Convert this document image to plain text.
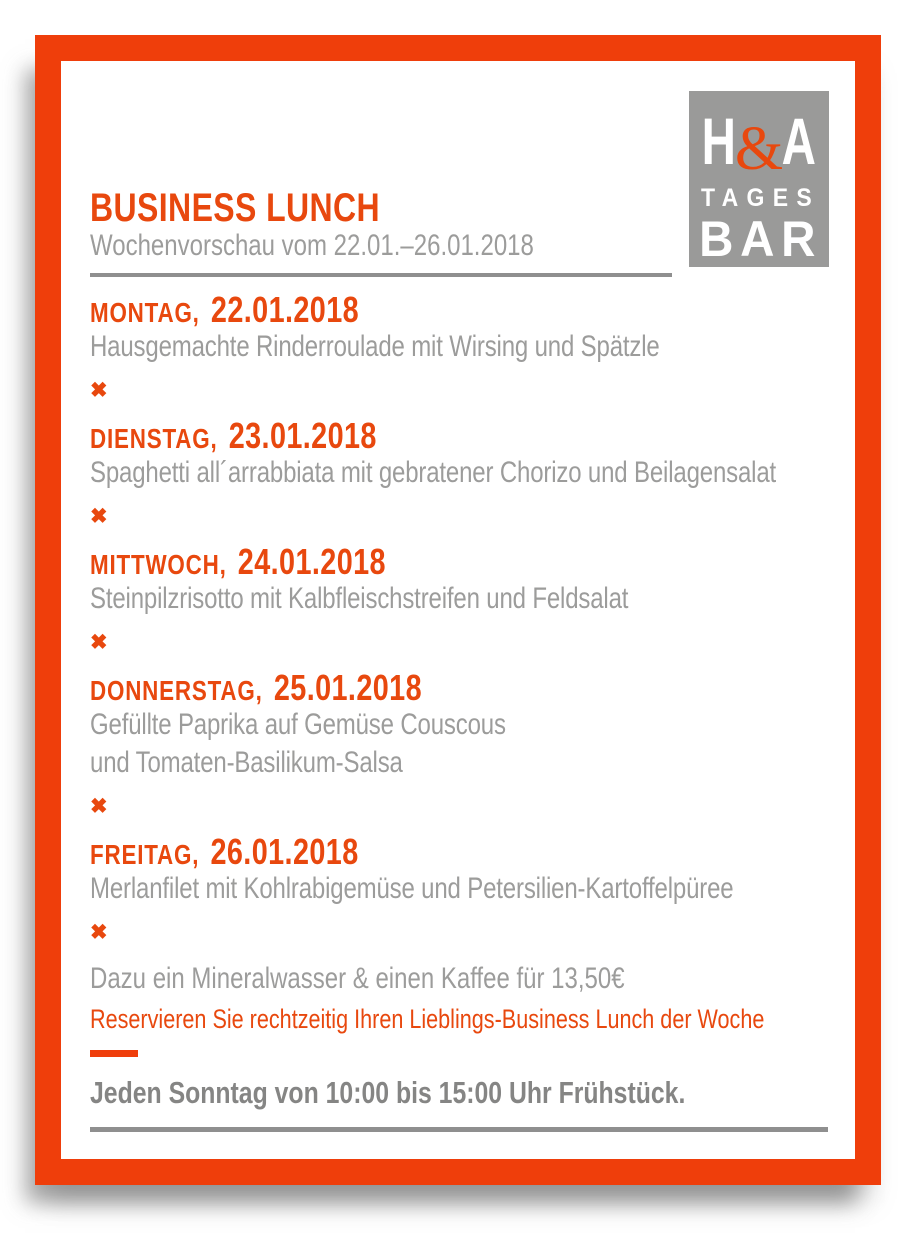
H
&
A
TAGES
BAR
BUSINESS LUNCH
Wochenvorschau vom 22.01.–26.01.2018
MONTAG, 22.01.2018
Hausgemachte Rinderroulade mit Wirsing und Spätzle
✖
DIENSTAG, 23.01.2018
Spaghetti all´arrabbiata mit gebratener Chorizo und Beilagensalat
✖
MITTWOCH, 24.01.2018
Steinpilzrisotto mit Kalbfleischstreifen und Feldsalat
✖
DONNERSTAG, 25.01.2018
Gefüllte Paprika auf Gemüse Couscous
und Tomaten-Basilikum-Salsa
✖
FREITAG, 26.01.2018
Merlanfilet mit Kohlrabigemüse und Petersilien-Kartoffelpüree
✖
Dazu ein Mineralwasser & einen Kaffee für 13,50€
Reservieren Sie rechtzeitig Ihren Lieblings-Business Lunch der Woche
Jeden Sonntag von 10:00 bis 15:00 Uhr Frühstück.
